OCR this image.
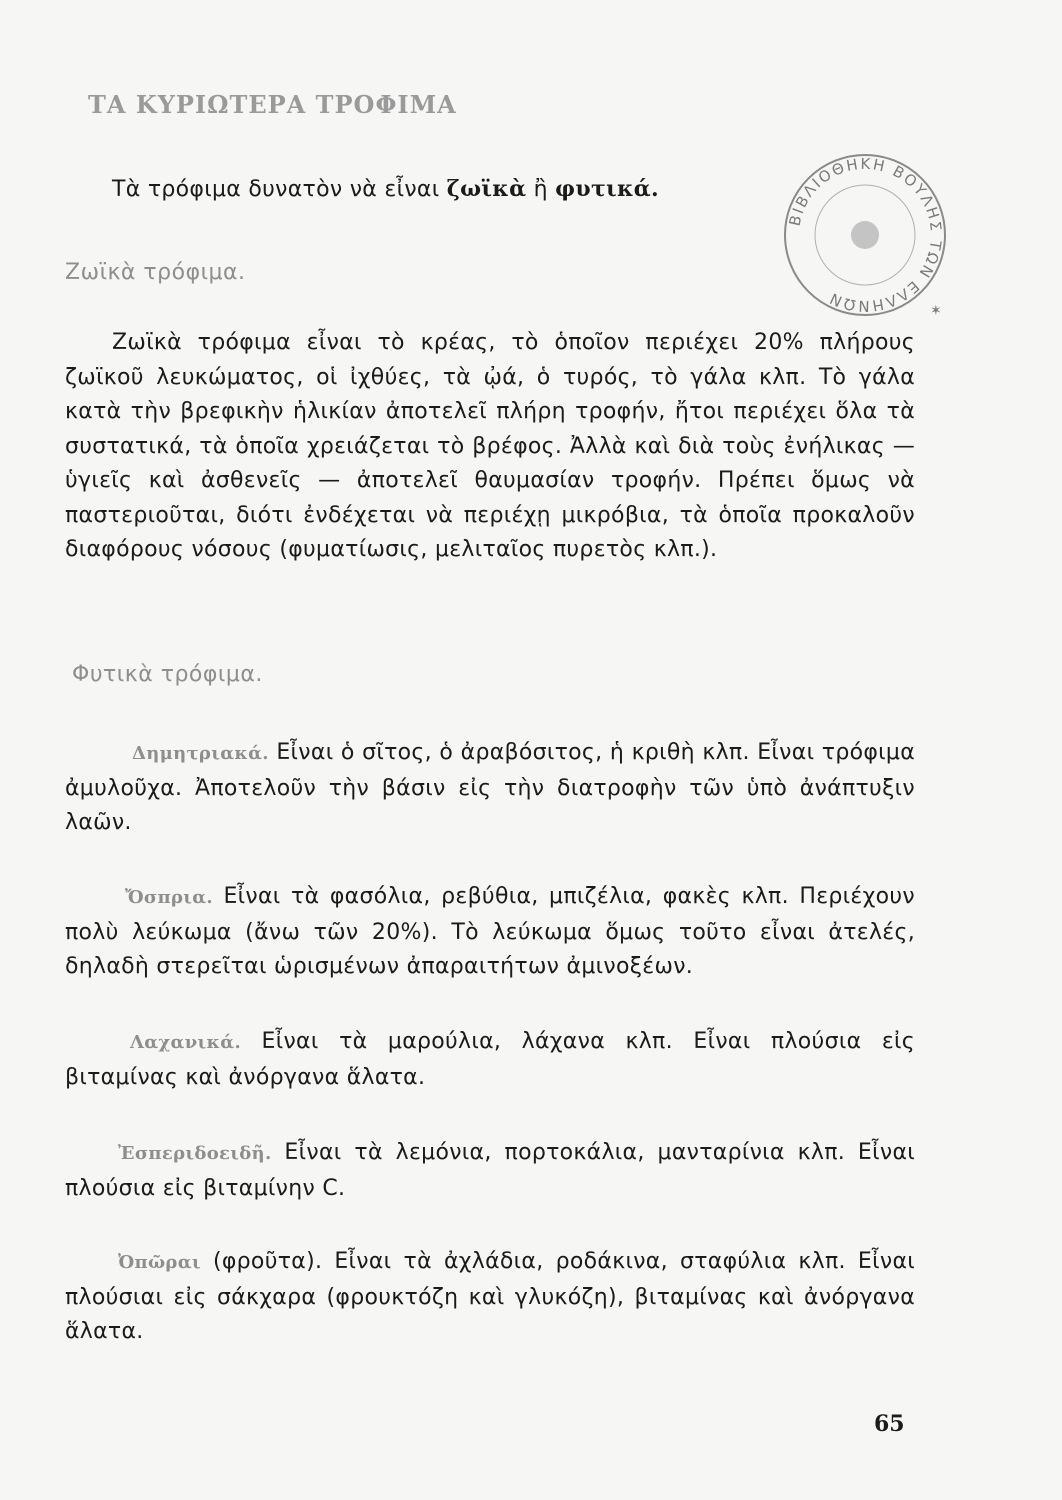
ΤΑ ΚΥΡΙΩΤΕΡΑ ΤΡΟΦΙΜΑ

Τὰ τρόφιμα δυνατὸν νὰ εἶναι ζωϊκὰ ἢ φυτικά.

Ζωϊκὰ τρόφιμα.

Ζωϊκὰ τρόφιμα εἶναι τὸ κρέας, τὸ ὁποῖον περιέχει 20% πλήρους ζωϊκοῦ λευκώματος, οἱ ἰχθύες, τὰ ᾠά, ὁ τυρός, τὸ γάλα κλπ. Τὸ γάλα κατὰ τὴν βρεφικὴν ἡλικίαν ἀποτελεῖ πλήρη τροφήν, ἤτοι περιέχει ὅλα τὰ συστατικά, τὰ ὁποῖα χρειάζεται τὸ βρέφος. Ἀλλὰ καὶ διὰ τοὺς ἐνήλικας — ὑγιεῖς καὶ ἀσθενεῖς — ἀποτελεῖ θαυμασίαν τροφήν. Πρέπει ὅμως νὰ παστεριοῦται, διότι ἐνδέχεται νὰ περιέχῃ μικρόβια, τὰ ὁποῖα προκαλοῦν διαφόρους νόσους (φυματίωσις, μελιταῖος πυρετὸς κλπ.).

Φυτικὰ τρόφιμα.

Δημητριακά. Εἶναι ὁ σῖτος, ὁ ἀραβόσιτος, ἡ κριθὴ κλπ. Εἶναι τρόφιμα ἀμυλοῦχα. Ἀποτελοῦν τὴν βάσιν εἰς τὴν διατροφὴν τῶν ὑπὸ ἀνάπτυξιν λαῶν.

Ὄσπρια. Εἶναι τὰ φασόλια, ρεβύθια, μπιζέλια, φακὲς κλπ. Περιέχουν πολὺ λεύκωμα (ἄνω τῶν 20%). Τὸ λεύκωμα ὅμως τοῦτο εἶναι ἀτελές, δηλαδὴ στερεῖται ὡρισμένων ἀπαραιτήτων ἀμινοξέων.

Λαχανικά. Εἶναι τὰ μαρούλια, λάχανα κλπ. Εἶναι πλούσια εἰς βιταμίνας καὶ ἀνόργανα ἅλατα.

Ἐσπεριδοειδῆ. Εἶναι τὰ λεμόνια, πορτοκάλια, μανταρίνια κλπ. Εἶναι πλούσια εἰς βιταμίνην C.

Ὀπῶραι (φροῦτα). Εἶναι τὰ ἀχλάδια, ροδάκινα, σταφύλια κλπ. Εἶναι πλούσιαι εἰς σάκχαρα (φρουκτόζη καὶ γλυκόζη), βιταμίνας καὶ ἀνόργανα ἅλατα.

65
ΒΙΒΛΙΟΘΗΚΗ ΒΟΥΛΗΣ ΤΩΝ ΕΛΛΗΝΩΝ
✶
